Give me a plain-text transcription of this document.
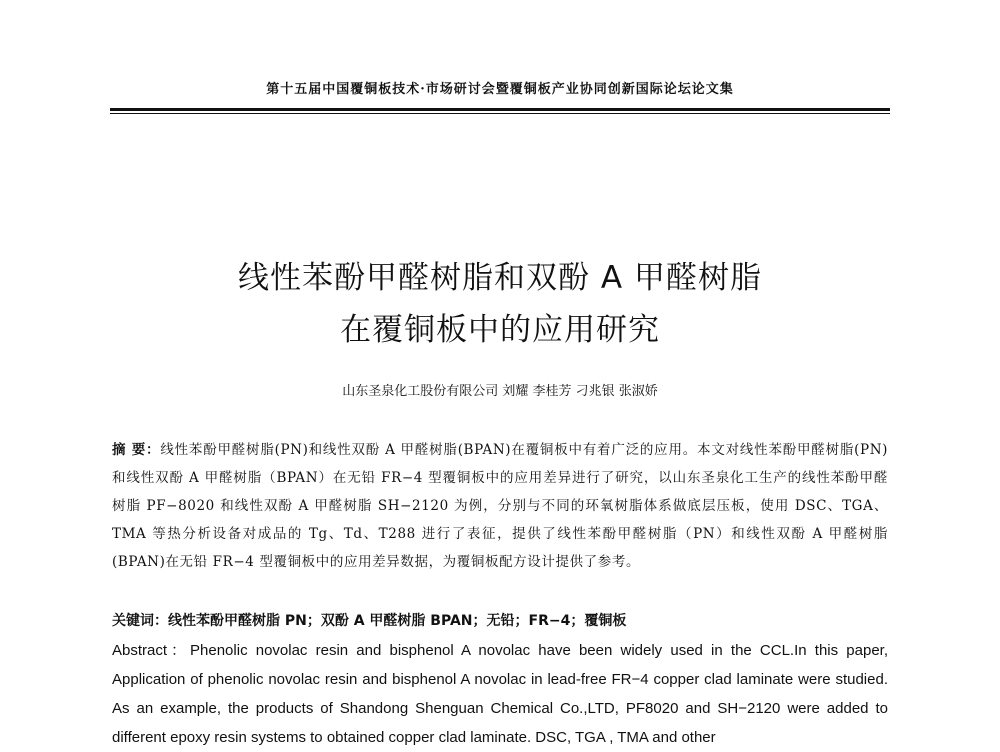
第十五届中国覆铜板技术·市场研讨会暨覆铜板产业协同创新国际论坛论文集
线性苯酚甲醛树脂和双酚 A 甲醛树脂
在覆铜板中的应用研究
山东圣泉化工股份有限公司 刘耀 李桂芳 刁兆银 张淑娇
摘 要：线性苯酚甲醛树脂(PN)和线性双酚 A 甲醛树脂(BPAN)在覆铜板中有着广泛的应用。本文对线性苯酚甲醛树脂(PN)和线性双酚 A 甲醛树脂（BPAN）在无铅 FR−4 型覆铜板中的应用差异进行了研究，以山东圣泉化工生产的线性苯酚甲醛树脂 PF−8020 和线性双酚 A 甲醛树脂 SH−2120 为例，分别与不同的环氧树脂体系做底层压板，使用 DSC、TGA、TMA 等热分析设备对成品的 Tg、Td、T288 进行了表征，提供了线性苯酚甲醛树脂（PN）和线性双酚 A 甲醛树脂(BPAN)在无铅 FR−4 型覆铜板中的应用差异数据，为覆铜板配方设计提供了参考。
关键词：线性苯酚甲醛树脂 PN；双酚 A 甲醛树脂 BPAN；无铅；FR−4；覆铜板
Abstract：Phenolic novolac resin and bisphenol A novolac have been widely used in the CCL.In this paper, Application of phenolic novolac resin and bisphenol A novolac in lead-free FR−4 copper clad laminate were studied. As an example, the products of Shandong Shenguan Chemical Co.,LTD, PF8020 and SH−2120 were added to different epoxy resin systems to obtained copper clad laminate. DSC, TGA , TMA and other
